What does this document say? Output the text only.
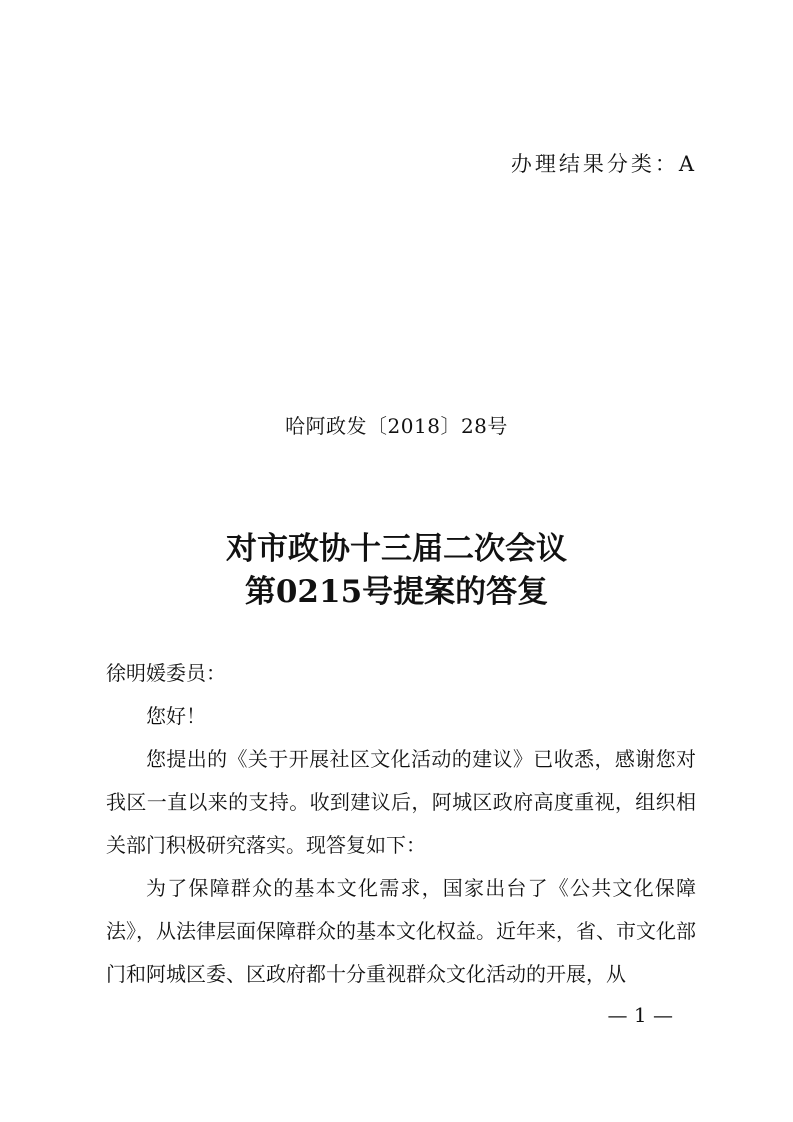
办理结果分类：A
哈阿政发〔2018〕28号
对市政协十三届二次会议
第0215号提案的答复

徐明媛委员：

您好！

您提出的《关于开展社区文化活动的建议》已收悉，感谢您对我区一直以来的支持。收到建议后，阿城区政府高度重视，组织相关部门积极研究落实。现答复如下：

为了保障群众的基本文化需求，国家出台了《公共文化保障法》，从法律层面保障群众的基本文化权益。近年来，省、市文化部门和阿城区委、区政府都十分重视群众文化活动的开展，从

— 1 —
